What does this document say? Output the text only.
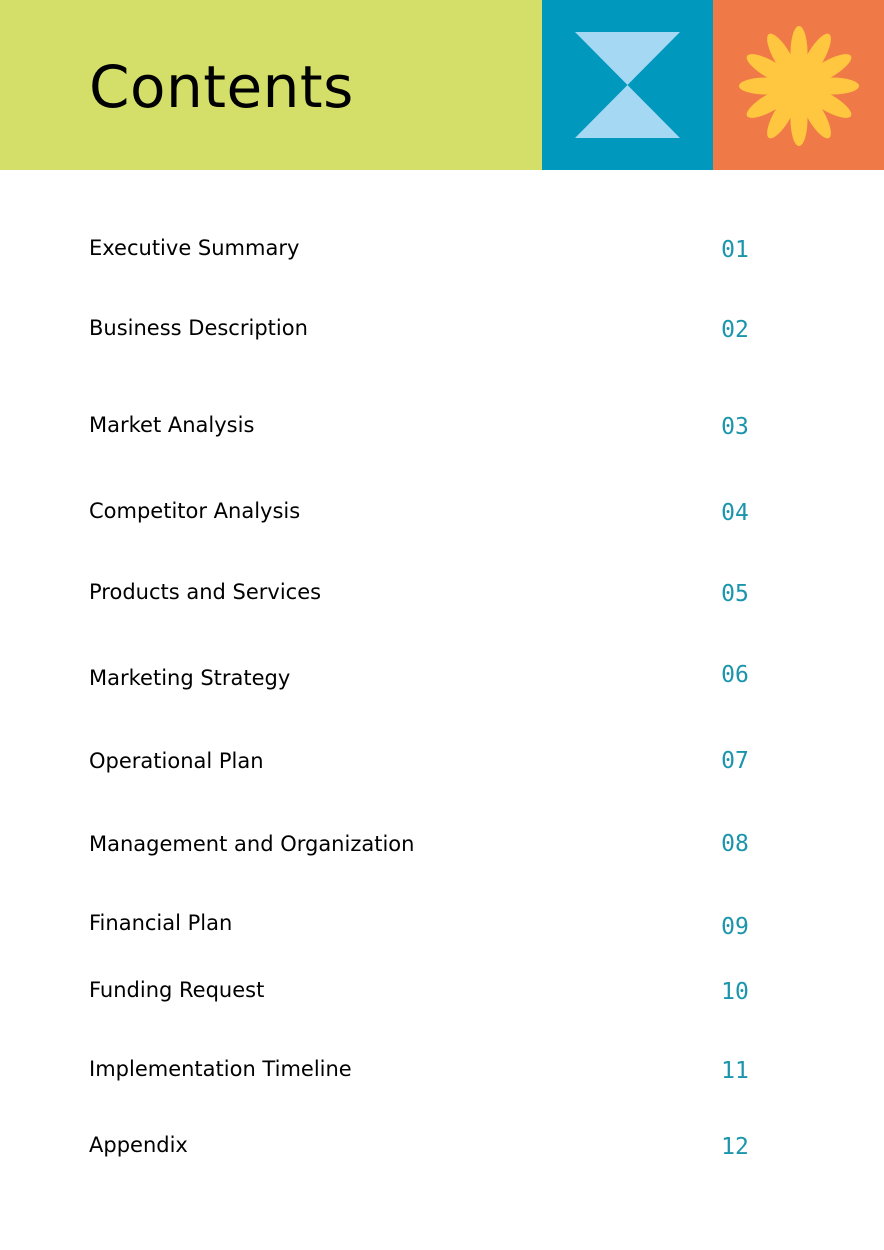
Contents
Executive Summary	01
Business Description	02
Market Analysis	03
Competitor Analysis	04
Products and Services	05
Marketing Strategy	06
Operational Plan	07
Management and Organization	08
Financial Plan	09
Funding Request	10
Implementation Timeline	11
Appendix	12
